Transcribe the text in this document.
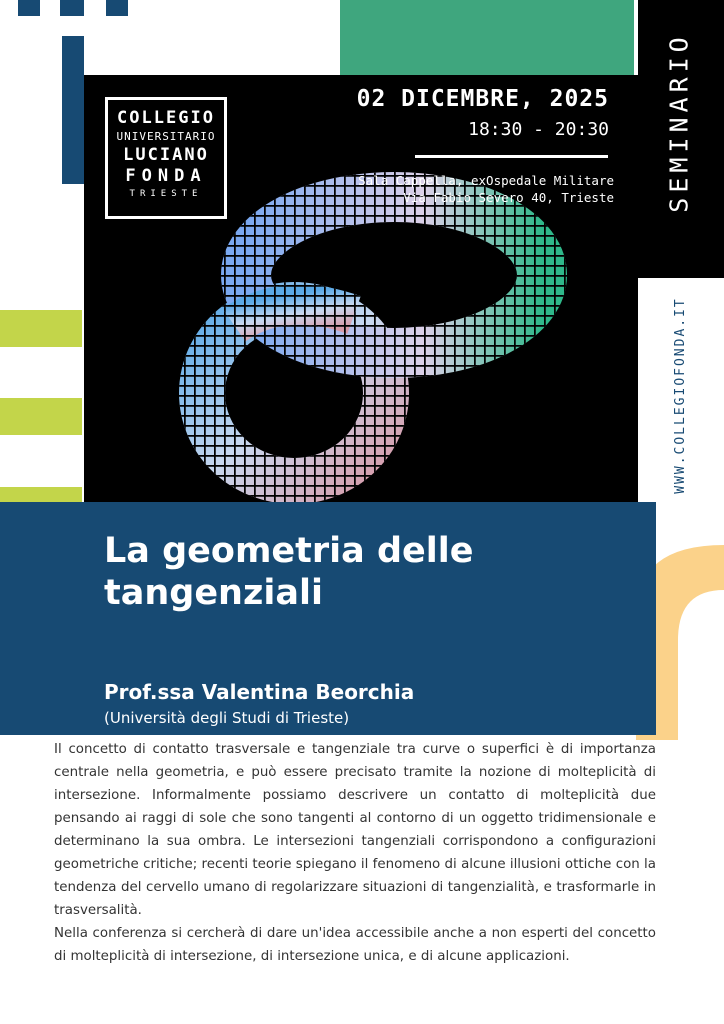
COLLEGIO
UNIVERSITARIO
LUCIANO
FONDA
TRIESTE
02 DICEMBRE, 2025
18:30 - 20:30
Sala Cappella, exOspedale Militare
Via Fabio Severo 40, Trieste SEMINARIO
WWW.COLLEGIOFONDA.IT
La geometria delle tangenziali
Prof.ssa Valentina Beorchia
(Università degli Studi di Trieste)

Il concetto di contatto trasversale e tangenziale tra curve o superfici è di importanza centrale nella geometria, e può essere precisato tramite la nozione di molteplicità di intersezione. Informalmente possiamo descrivere un contatto di molteplicità due pensando ai raggi di sole che sono tangenti al contorno di un oggetto tridimensionale e determinano la sua ombra. Le intersezioni tangenziali corrispondono a configurazioni geometriche critiche; recenti teorie spiegano il fenomeno di alcune illusioni ottiche con la tendenza del cervello umano di regolarizzare situazioni di tangenzialità, e trasformarle in trasversalità.

Nella conferenza si cercherà di dare un'idea accessibile anche a non esperti del concetto di molteplicità di intersezione, di intersezione unica, e di alcune applicazioni.
